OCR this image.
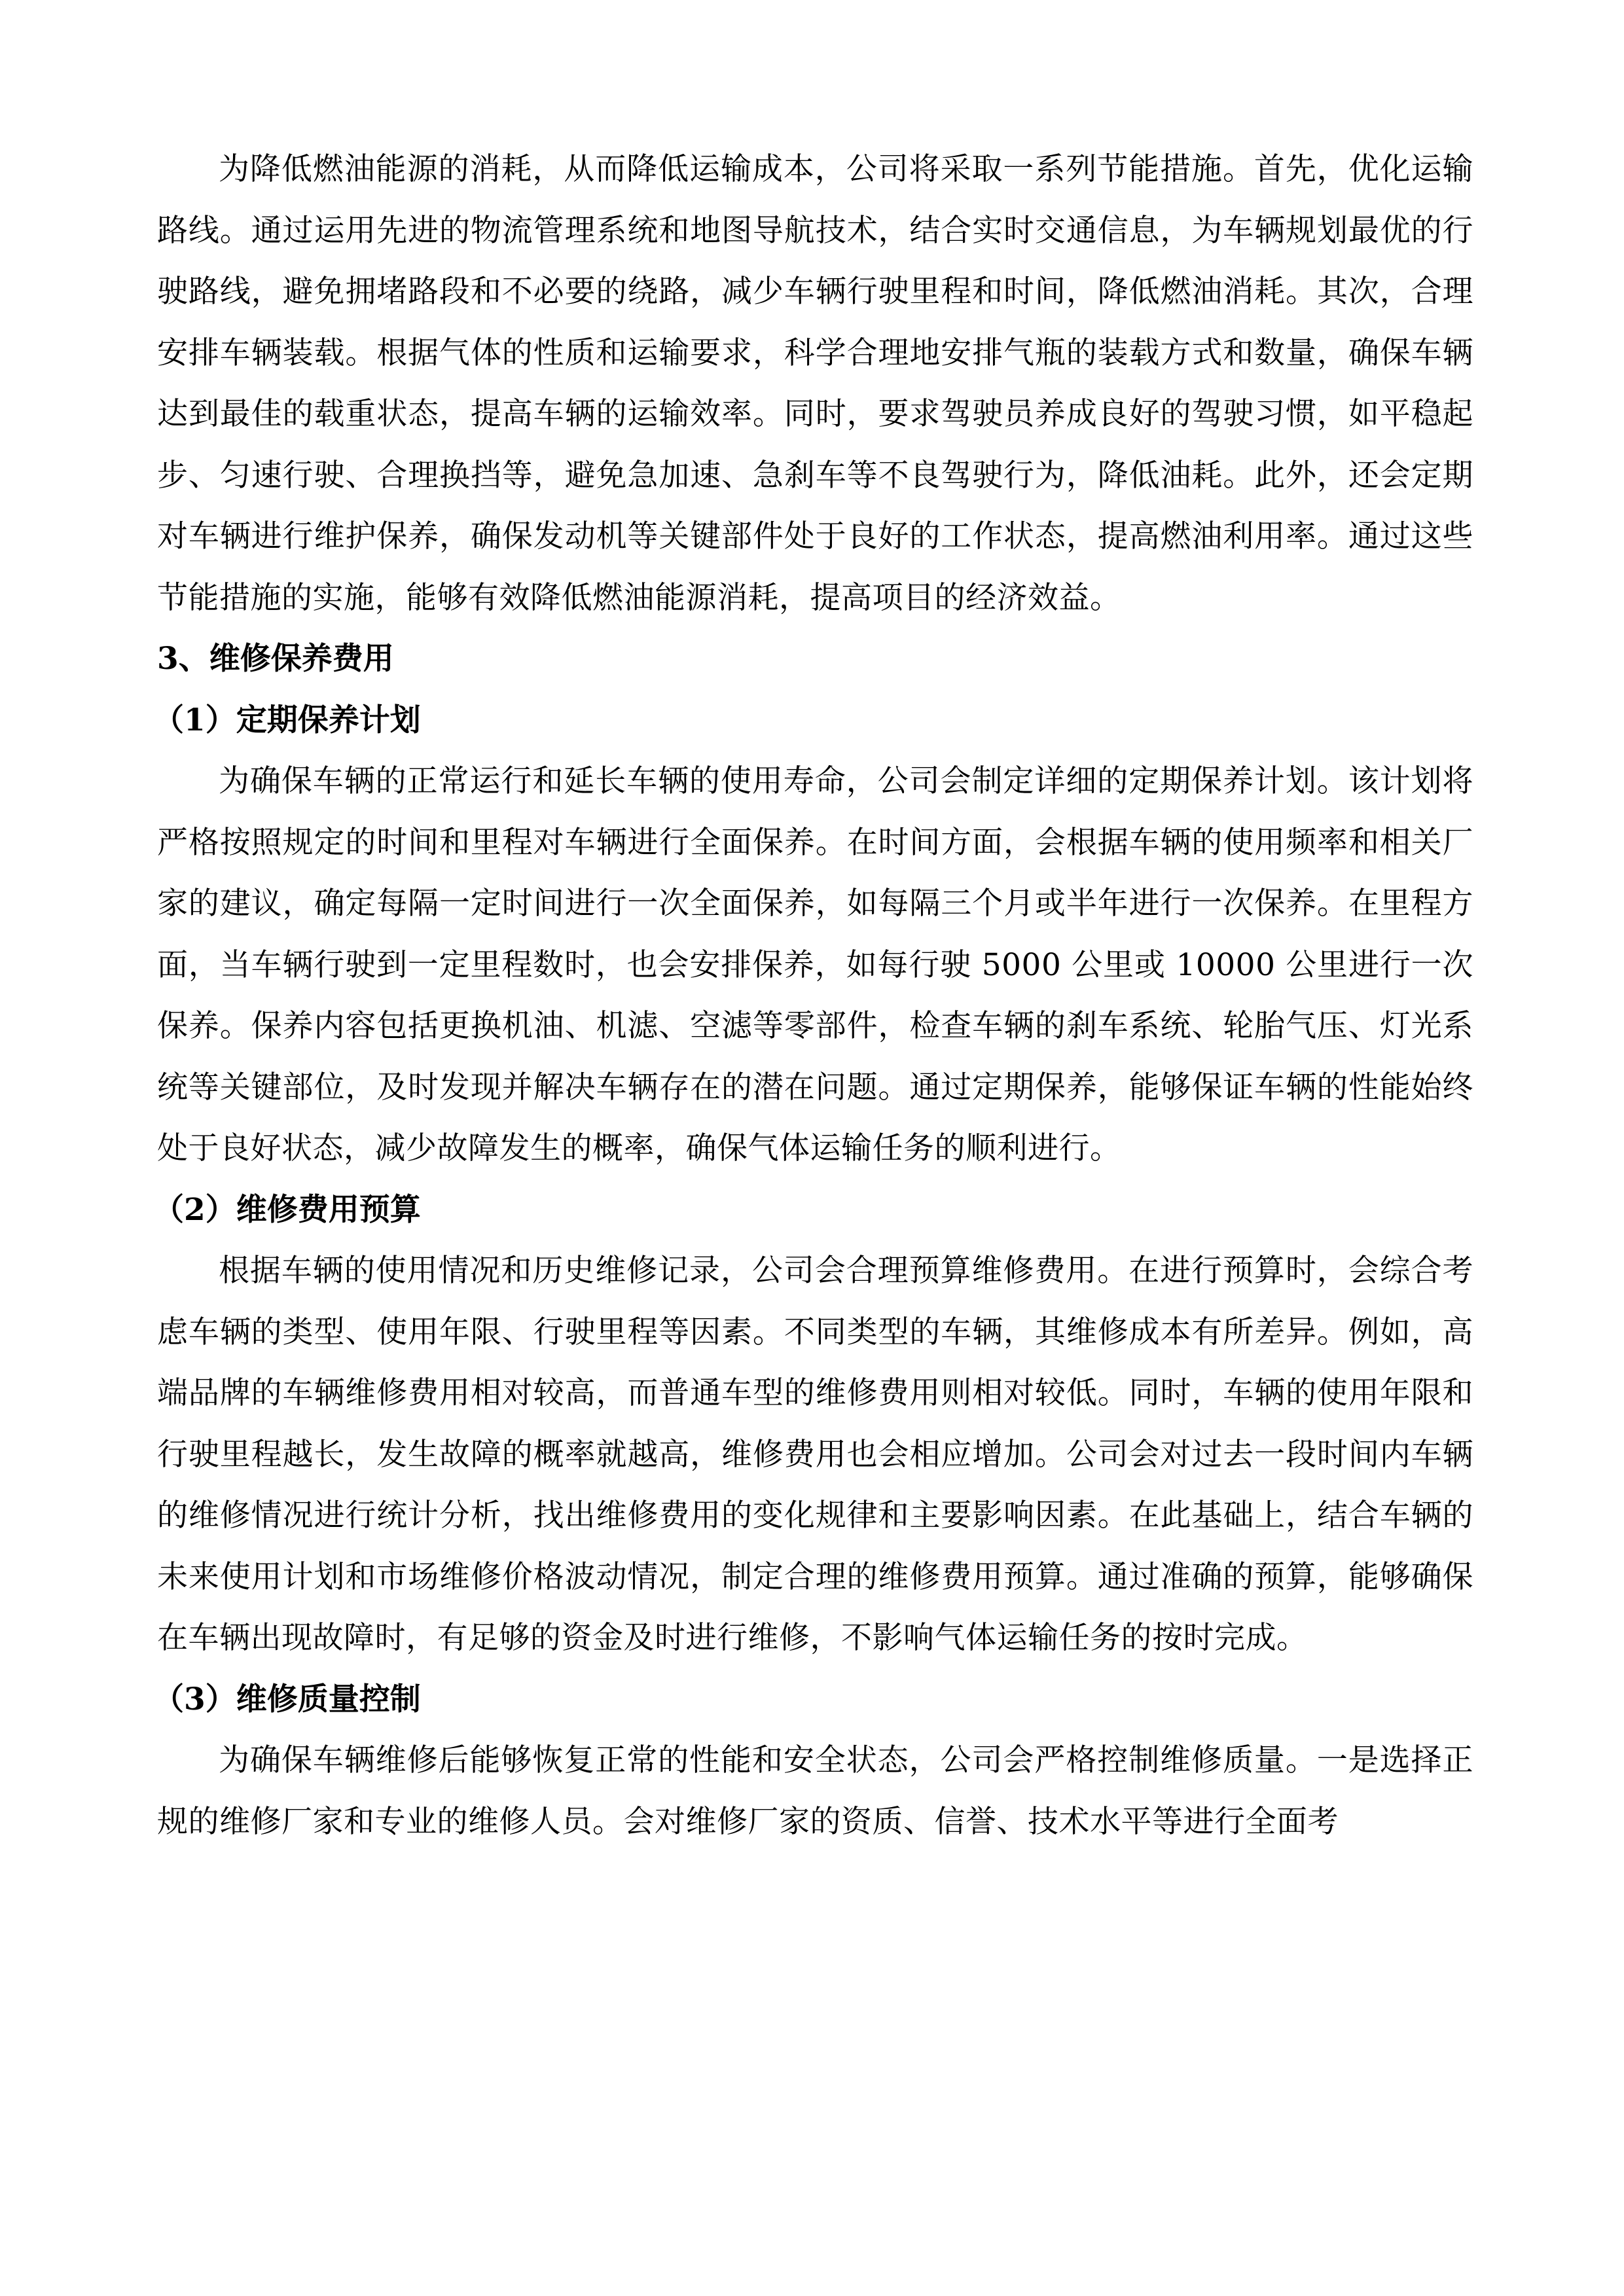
为降低燃油能源的消耗，从而降低运输成本，公司将采取一系列节能措施。首先，优化运输路线。通过运用先进的物流管理系统和地图导航技术，结合实时交通信息，为车辆规划最优的行驶路线，避免拥堵路段和不必要的绕路，减少车辆行驶里程和时间，降低燃油消耗。其次，合理安排车辆装载。根据气体的性质和运输要求，科学合理地安排气瓶的装载方式和数量，确保车辆达到最佳的载重状态，提高车辆的运输效率。同时，要求驾驶员养成良好的驾驶习惯，如平稳起步、匀速行驶、合理换挡等，避免急加速、急刹车等不良驾驶行为，降低油耗。此外，还会定期对车辆进行维护保养，确保发动机等关键部件处于良好的工作状态，提高燃油利用率。通过这些节能措施的实施，能够有效降低燃油能源消耗，提高项目的经济效益。

3、维修保养费用

（1）定期保养计划

为确保车辆的正常运行和延长车辆的使用寿命，公司会制定详细的定期保养计划。该计划将严格按照规定的时间和里程对车辆进行全面保养。在时间方面，会根据车辆的使用频率和相关厂家的建议，确定每隔一定时间进行一次全面保养，如每隔三个月或半年进行一次保养。在里程方面，当车辆行驶到一定里程数时，也会安排保养，如每行驶 5000 公里或 10000 公里进行一次保养。保养内容包括更换机油、机滤、空滤等零部件，检查车辆的刹车系统、轮胎气压、灯光系统等关键部位，及时发现并解决车辆存在的潜在问题。通过定期保养，能够保证车辆的性能始终处于良好状态，减少故障发生的概率，确保气体运输任务的顺利进行。

（2）维修费用预算

根据车辆的使用情况和历史维修记录，公司会合理预算维修费用。在进行预算时，会综合考虑车辆的类型、使用年限、行驶里程等因素。不同类型的车辆，其维修成本有所差异。例如，高端品牌的车辆维修费用相对较高，而普通车型的维修费用则相对较低。同时，车辆的使用年限和行驶里程越长，发生故障的概率就越高，维修费用也会相应增加。公司会对过去一段时间内车辆的维修情况进行统计分析，找出维修费用的变化规律和主要影响因素。在此基础上，结合车辆的未来使用计划和市场维修价格波动情况，制定合理的维修费用预算。通过准确的预算，能够确保在车辆出现故障时，有足够的资金及时进行维修，不影响气体运输任务的按时完成。

（3）维修质量控制

为确保车辆维修后能够恢复正常的性能和安全状态，公司会严格控制维修质量。一是选择正规的维修厂家和专业的维修人员。会对维修厂家的资质、信誉、技术水平等进行全面考
